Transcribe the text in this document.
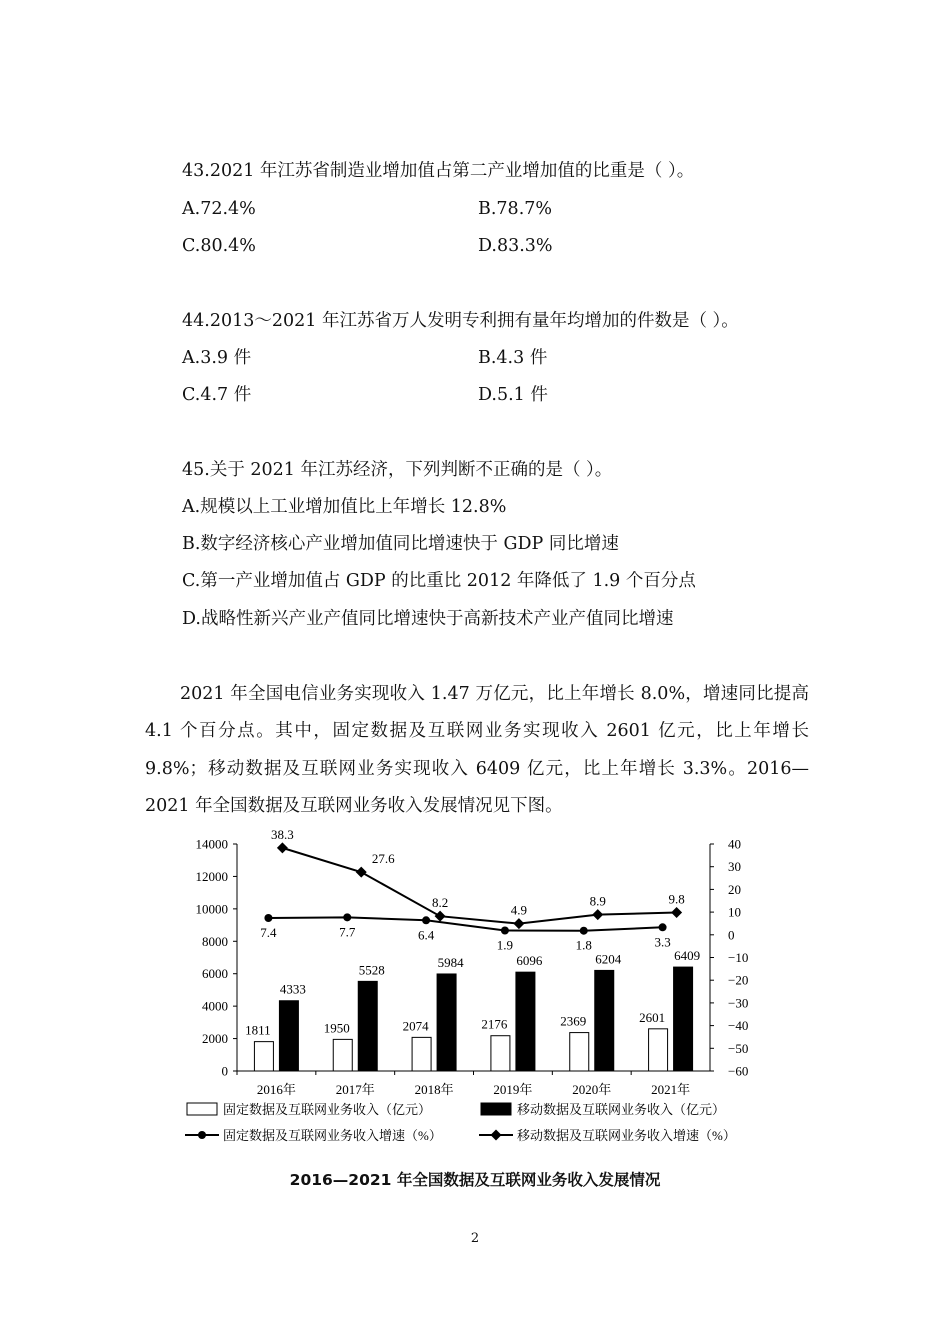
43.2021 年江苏省制造业增加值占第二产业增加值的比重是（ ）。
A.72.4%	B.78.7%
C.80.4%	D.83.3%
44.2013～2021 年江苏省万人发明专利拥有量年均增加的件数是（ ）。
A.3.9 件	B.4.3 件
C.4.7 件	D.5.1 件
45.关于 2021 年江苏经济，下列判断不正确的是（ ）。
A.规模以上工业增加值比上年增长 12.8%
B.数字经济核心产业增加值同比增速快于 GDP 同比增速
C.第一产业增加值占 GDP 的比重比 2012 年降低了 1.9 个百分点
D.战略性新兴产业产值同比增速快于高新技术产业产值同比增速
2021 年全国电信业务实现收入 1.47 万亿元，比上年增长 8.0%，增速同比提高 4.1 个百分点。其中，固定数据及互联网业务实现收入 2601 亿元，比上年增长 9.8%；移动数据及互联网业务实现收入 6409 亿元，比上年增长 3.3%。2016—2021 年全国数据及互联网业务收入发展情况见下图。
0
2000
4000
6000
8000
10000
12000
14000	40
30
20
10
0
−10
−20
−30
−40
−50
−60
2016年	2017年	2018年	2019年	2020年	2021年
1811	1950	2074	2176	2369	2601
4333
5528	5984	6096	6204	6409
7.4	7.7	6.4
1.9	1.8	3.3
38.3
27.6
8.2	4.9
8.9	9.8
固定数据及互联网业务收入（亿元）	移动数据及互联网业务收入（亿元）
固定数据及互联网业务收入增速（%）	移动数据及互联网业务收入增速（%）
2016—2021 年全国数据及互联网业务收入发展情况
2
